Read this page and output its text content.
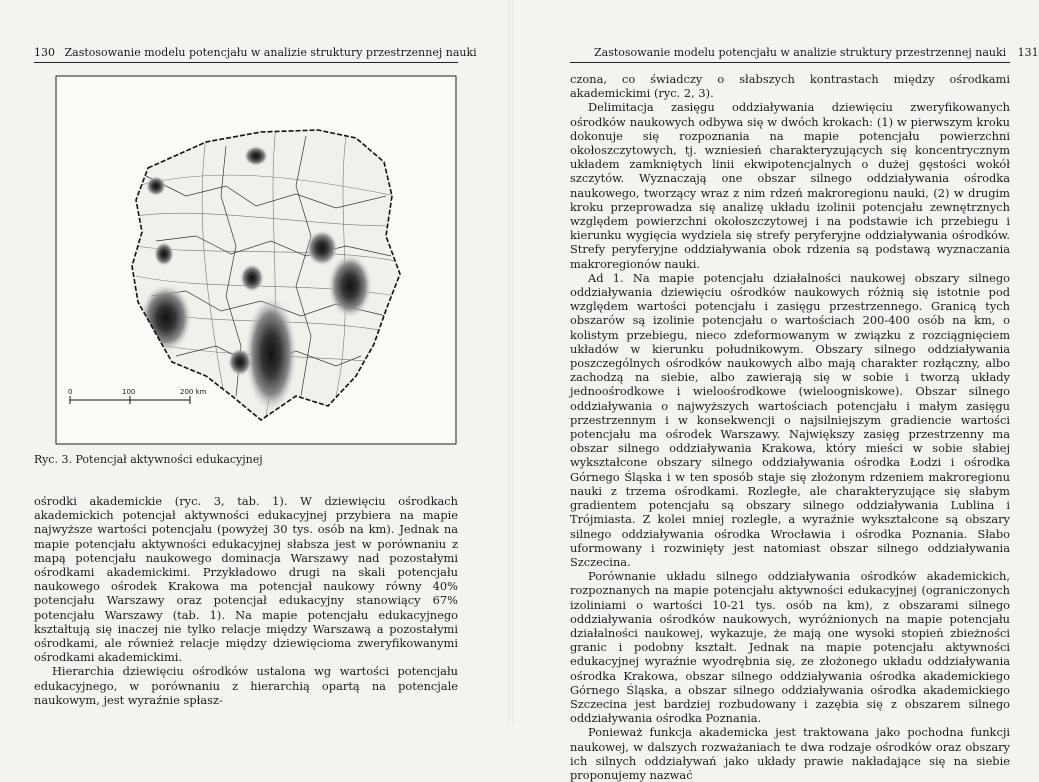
130 Zastosowanie modelu potencjału w analizie struktury przestrzennej nauki
0	100	200 km
Ryc. 3. Potencjał aktywności edukacyjnej

ośrodki akademickie (ryc. 3, tab. 1). W dziewięciu ośrodkach akademickich potencjał aktywności edukacyjnej przybiera na mapie najwyższe wartości potencjału (powyżej 30 tys. osób na km). Jednak na mapie potencjału aktywności edukacyjnej słabsza jest w porównaniu z mapą potencjału naukowego dominacja Warszawy nad pozostałymi ośrodkami akademickimi. Przykładowo drugi na skali potencjału naukowego ośrodek Krakowa ma potencjał naukowy równy 40% potencjału Warszawy oraz potencjał edukacyjny stanowiący 67% potencjału Warszawy (tab. 1). Na mapie potencjału edukacyjnego kształtują się inaczej nie tylko relacje między Warszawą a pozostałymi ośrodkami, ale również relacje między dziewięcioma zweryfikowanymi ośrodkami akademickimi.

Hierarchia dziewięciu ośrodków ustalona wg wartości potencjału edukacyjnego, w porównaniu z hierarchią opartą na potencjale naukowym, jest wyraźnie spłasz-

Zastosowanie modelu potencjału w analizie struktury przestrzennej nauki 131

czona, co świadczy o słabszych kontrastach między ośrodkami akademickimi (ryc. 2, 3).

Delimitacja zasięgu oddziaływania dziewięciu zweryfikowanych ośrodków naukowych odbywa się w dwóch krokach: (1) w pierwszym kroku dokonuje się rozpoznania na mapie potencjału powierzchni okołoszczytowych, tj. wzniesień charakteryzujących się koncentrycznym układem zamkniętych linii ekwipotencjalnych o dużej gęstości wokół szczytów. Wyznaczają one obszar silnego oddziaływania ośrodka naukowego, tworzący wraz z nim rdzeń makroregionu nauki, (2) w drugim kroku przeprowadza się analizę układu izolinii potencjału zewnętrznych względem powierzchni okołoszczytowej i na podstawie ich przebiegu i kierunku wygięcia wydziela się strefy peryferyjne oddziaływania ośrodków. Strefy peryferyjne oddziaływania obok rdzenia są podstawą wyznaczania makroregionów nauki.

Ad 1. Na mapie potencjału działalności naukowej obszary silnego oddziaływania dziewięciu ośrodków naukowych różnią się istotnie pod względem wartości potencjału i zasięgu przestrzennego. Granicą tych obszarów są izolinie potencjału o wartościach 200-400 osób na km, o kolistym przebiegu, nieco zdeformowanym w związku z rozciągnięciem układów w kierunku południkowym. Obszary silnego oddziaływania poszczególnych ośrodków naukowych albo mają charakter rozłączny, albo zachodzą na siebie, albo zawierają się w sobie i tworzą układy jednoośrodkowe i wieloośrodkowe (wieloogniskowe). Obszar silnego oddziaływania o najwyższych wartościach potencjału i małym zasięgu przestrzennym i w konsekwencji o najsilniejszym gradiencie wartości potencjału ma ośrodek Warszawy. Największy zasięg przestrzenny ma obszar silnego oddziaływania Krakowa, który mieści w sobie słabiej wykształcone obszary silnego oddziaływania ośrodka Łodzi i ośrodka Górnego Śląska i w ten sposób staje się złożonym rdzeniem makroregionu nauki z trzema ośrodkami. Rozległe, ale charakteryzujące się słabym gradientem potencjału są obszary silnego oddziaływania Lublina i Trójmiasta. Z kolei mniej rozległe, a wyraźnie wykształcone są obszary silnego oddziaływania ośrodka Wrocławia i ośrodka Poznania. Słabo uformowany i rozwinięty jest natomiast obszar silnego oddziaływania Szczecina.

Porównanie układu silnego oddziaływania ośrodków akademickich, rozpoznanych na mapie potencjału aktywności edukacyjnej (ograniczonych izoliniami o wartości 10-21 tys. osób na km), z obszarami silnego oddziaływania ośrodków naukowych, wyróżnionych na mapie potencjału działalności naukowej, wykazuje, że mają one wysoki stopień zbieżności granic i podobny kształt. Jednak na mapie potencjału aktywności edukacyjnej wyraźnie wyodrębnia się, ze złożonego układu oddziaływania ośrodka Krakowa, obszar silnego oddziaływania ośrodka akademickiego Górnego Śląska, a obszar silnego oddziaływania ośrodka akademickiego Szczecina jest bardziej rozbudowany i zazębia się z obszarem silnego oddziaływania ośrodka Poznania.

Ponieważ funkcja akademicka jest traktowana jako pochodna funkcji naukowej, w dalszych rozważaniach te dwa rodzaje ośrodków oraz obszary ich silnych oddziaływań jako układy prawie nakładające się na siebie proponujemy nazwać
